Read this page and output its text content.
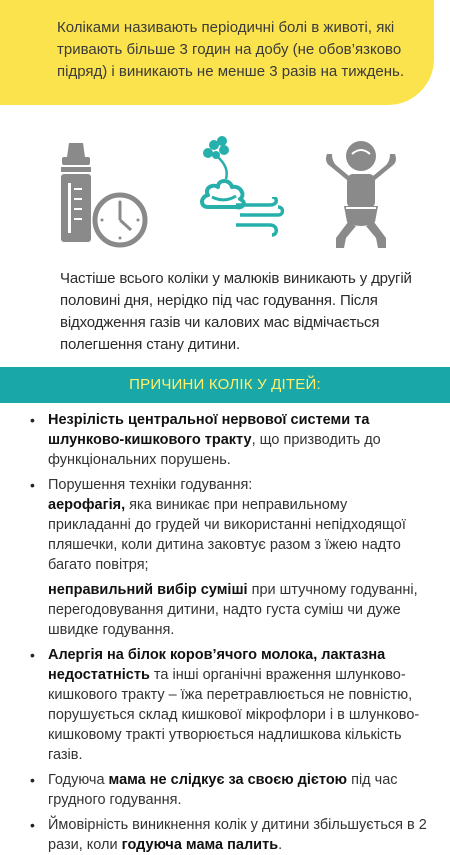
Коліками називають періодичні болі в животі, які тривають більше 3 годин на добу (не обов’язково підряд) і виникають не менше 3 разів на тиждень.
Частіше всього коліки у малюків виникають у другій половині дня, нерідко під час годування. Після відходження газів чи калових мас відмічається полегшення стану дитини.
ПРИЧИНИ КОЛІК У ДІТЕЙ:
• Незрілість центральної нервової системи та шлунково-кишкового тракту, що призводить до функціональних порушень.
• Порушення техніки годування:
аерофагія, яка виникає при неправильному прикладанні до грудей чи використанні непідходящої пляшечки, коли дитина заковтує разом з їжею надто багато повітря;
неправильний вибір суміші при штучному годуванні, перегодовування дитини, надто густа суміш чи дуже швидке годування.
• Алергія на білок коров’ячого молока, лактазна недостатність та інші органічні враження шлунково-кишкового тракту – їжа перетравлюється не повністю, порушується склад кишкової мікрофлори і в шлунково-кишковому тракті утворюється надлишкова кількість газів.
• Годуюча мама не слідкує за своєю дієтою під час грудного годування.
• Ймовірність виникнення колік у дитини збільшується в 2 рази, коли годуюча мама палить.
